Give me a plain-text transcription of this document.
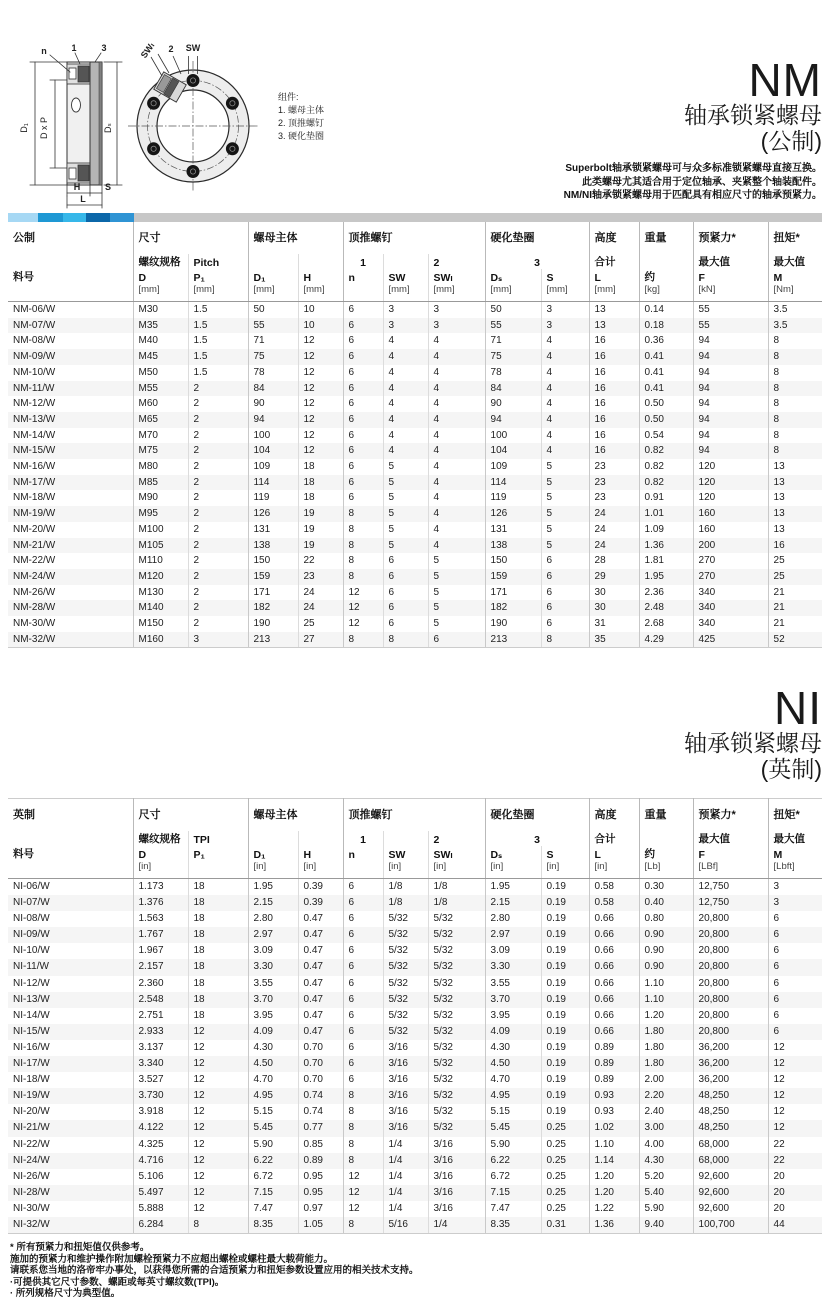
D₁ D x P	Dₛ
n	1	3
H	S
L
SWₗ 2 SW
组件:
1. 螺母主体
2. 顶推螺钉
3. 硬化垫圈
NM
轴承锁紧螺母
(公制)
Superbolt轴承锁紧螺母可与众多标准锁紧螺母直接互换。
此类螺母尤其适合用于定位轴承、夹紧整个轴装配件。
NM/NI轴承锁紧螺母用于匹配具有相应尺寸的轴承预紧力。
公制	尺寸		螺母主体		顶推螺钉			硬化垫圈		高度	重量	预紧力*	扭矩*
	螺纹规格	Pitch			1		2	3		合计		最大值	最大值
料号	D	P₁	D₁	H	n	SW	SWₗ	Dₛ	S	L	约	F	M
	[mm]	[mm]	[mm]	[mm]		[mm]	[mm]	[mm]	[mm]	[mm]	[kg]	[kN]	[Nm]
NM-06/W	M30	1.5	50	10	6	3	3	50	3	13	0.14	55	3.5
NM-07/W	M35	1.5	55	10	6	3	3	55	3	13	0.18	55	3.5
NM-08/W	M40	1.5	71	12	6	4	4	71	4	16	0.36	94	8
NM-09/W	M45	1.5	75	12	6	4	4	75	4	16	0.41	94	8
NM-10/W	M50	1.5	78	12	6	4	4	78	4	16	0.41	94	8
NM-11/W	M55	2	84	12	6	4	4	84	4	16	0.41	94	8
NM-12/W	M60	2	90	12	6	4	4	90	4	16	0.50	94	8
NM-13/W	M65	2	94	12	6	4	4	94	4	16	0.50	94	8
NM-14/W	M70	2	100	12	6	4	4	100	4	16	0.54	94	8
NM-15/W	M75	2	104	12	6	4	4	104	4	16	0.82	94	8
NM-16/W	M80	2	109	18	6	5	4	109	5	23	0.82	120	13
NM-17/W	M85	2	114	18	6	5	4	114	5	23	0.82	120	13
NM-18/W	M90	2	119	18	6	5	4	119	5	23	0.91	120	13
NM-19/W	M95	2	126	19	8	5	4	126	5	24	1.01	160	13
NM-20/W	M100	2	131	19	8	5	4	131	5	24	1.09	160	13
NM-21/W	M105	2	138	19	8	5	4	138	5	24	1.36	200	16
NM-22/W	M110	2	150	22	8	6	5	150	6	28	1.81	270	25
NM-24/W	M120	2	159	23	8	6	5	159	6	29	1.95	270	25
NM-26/W	M130	2	171	24	12	6	5	171	6	30	2.36	340	21
NM-28/W	M140	2	182	24	12	6	5	182	6	30	2.48	340	21
NM-30/W	M150	2	190	25	12	6	5	190	6	31	2.68	340	21
NM-32/W	M160	3	213	27	8	8	6	213	8	35	4.29	425	52
NI
轴承锁紧螺母
(英制)
英制	尺寸		螺母主体		顶推螺钉			硬化垫圈		高度	重量	预紧力*	扭矩*
	螺纹规格	TPI			1		2	3		合计		最大值	最大值
料号	D	P₁	D₁	H	n	SW	SWₗ	Dₛ	S	L	约	F	M
	[in]		[in]	[in]		[in]	[in]	[in]	[in]	[in]	[Lb]	[LBf]	[Lbft]
NI-06/W	1.173	18	1.95	0.39	6	1/8	1/8	1.95	0.19	0.58	0.30	12,750	3
NI-07/W	1.376	18	2.15	0.39	6	1/8	1/8	2.15	0.19	0.58	0.40	12,750	3
NI-08/W	1.563	18	2.80	0.47	6	5/32	5/32	2.80	0.19	0.66	0.80	20,800	6
NI-09/W	1.767	18	2.97	0.47	6	5/32	5/32	2.97	0.19	0.66	0.90	20,800	6
NI-10/W	1.967	18	3.09	0.47	6	5/32	5/32	3.09	0.19	0.66	0.90	20,800	6
NI-11/W	2.157	18	3.30	0.47	6	5/32	5/32	3.30	0.19	0.66	0.90	20,800	6
NI-12/W	2.360	18	3.55	0.47	6	5/32	5/32	3.55	0.19	0.66	1.10	20,800	6
NI-13/W	2.548	18	3.70	0.47	6	5/32	5/32	3.70	0.19	0.66	1.10	20,800	6
NI-14/W	2.751	18	3.95	0.47	6	5/32	5/32	3.95	0.19	0.66	1.20	20,800	6
NI-15/W	2.933	12	4.09	0.47	6	5/32	5/32	4.09	0.19	0.66	1.80	20,800	6
NI-16/W	3.137	12	4.30	0.70	6	3/16	5/32	4.30	0.19	0.89	1.80	36,200	12
NI-17/W	3.340	12	4.50	0.70	6	3/16	5/32	4.50	0.19	0.89	1.80	36,200	12
NI-18/W	3.527	12	4.70	0.70	6	3/16	5/32	4.70	0.19	0.89	2.00	36,200	12
NI-19/W	3.730	12	4.95	0.74	8	3/16	5/32	4.95	0.19	0.93	2.20	48,250	12
NI-20/W	3.918	12	5.15	0.74	8	3/16	5/32	5.15	0.19	0.93	2.40	48,250	12
NI-21/W	4.122	12	5.45	0.77	8	3/16	5/32	5.45	0.25	1.02	3.00	48,250	12
NI-22/W	4.325	12	5.90	0.85	8	1/4	3/16	5.90	0.25	1.10	4.00	68,000	22
NI-24/W	4.716	12	6.22	0.89	8	1/4	3/16	6.22	0.25	1.14	4.30	68,000	22
NI-26/W	5.106	12	6.72	0.95	12	1/4	3/16	6.72	0.25	1.20	5.20	92,600	20
NI-28/W	5.497	12	7.15	0.95	12	1/4	3/16	7.15	0.25	1.20	5.40	92,600	20
NI-30/W	5.888	12	7.47	0.97	12	1/4	3/16	7.47	0.25	1.22	5.90	92,600	20
NI-32/W	6.284	8	8.35	1.05	8	5/16	1/4	8.35	0.31	1.36	9.40	100,700	44
* 所有预紧力和扭矩值仅供参考。
施加的预紧力和维护操作附加螺栓预紧力不应超出螺栓或螺柱最大载荷能力。
请联系您当地的洛帝牢办事处，以获得您所需的合适预紧力和扭矩参数设置应用的相关技术支持。
·可提供其它尺寸参数、螺距或每英寸螺纹数(TPI)。
· 所列规格尺寸为典型值。
